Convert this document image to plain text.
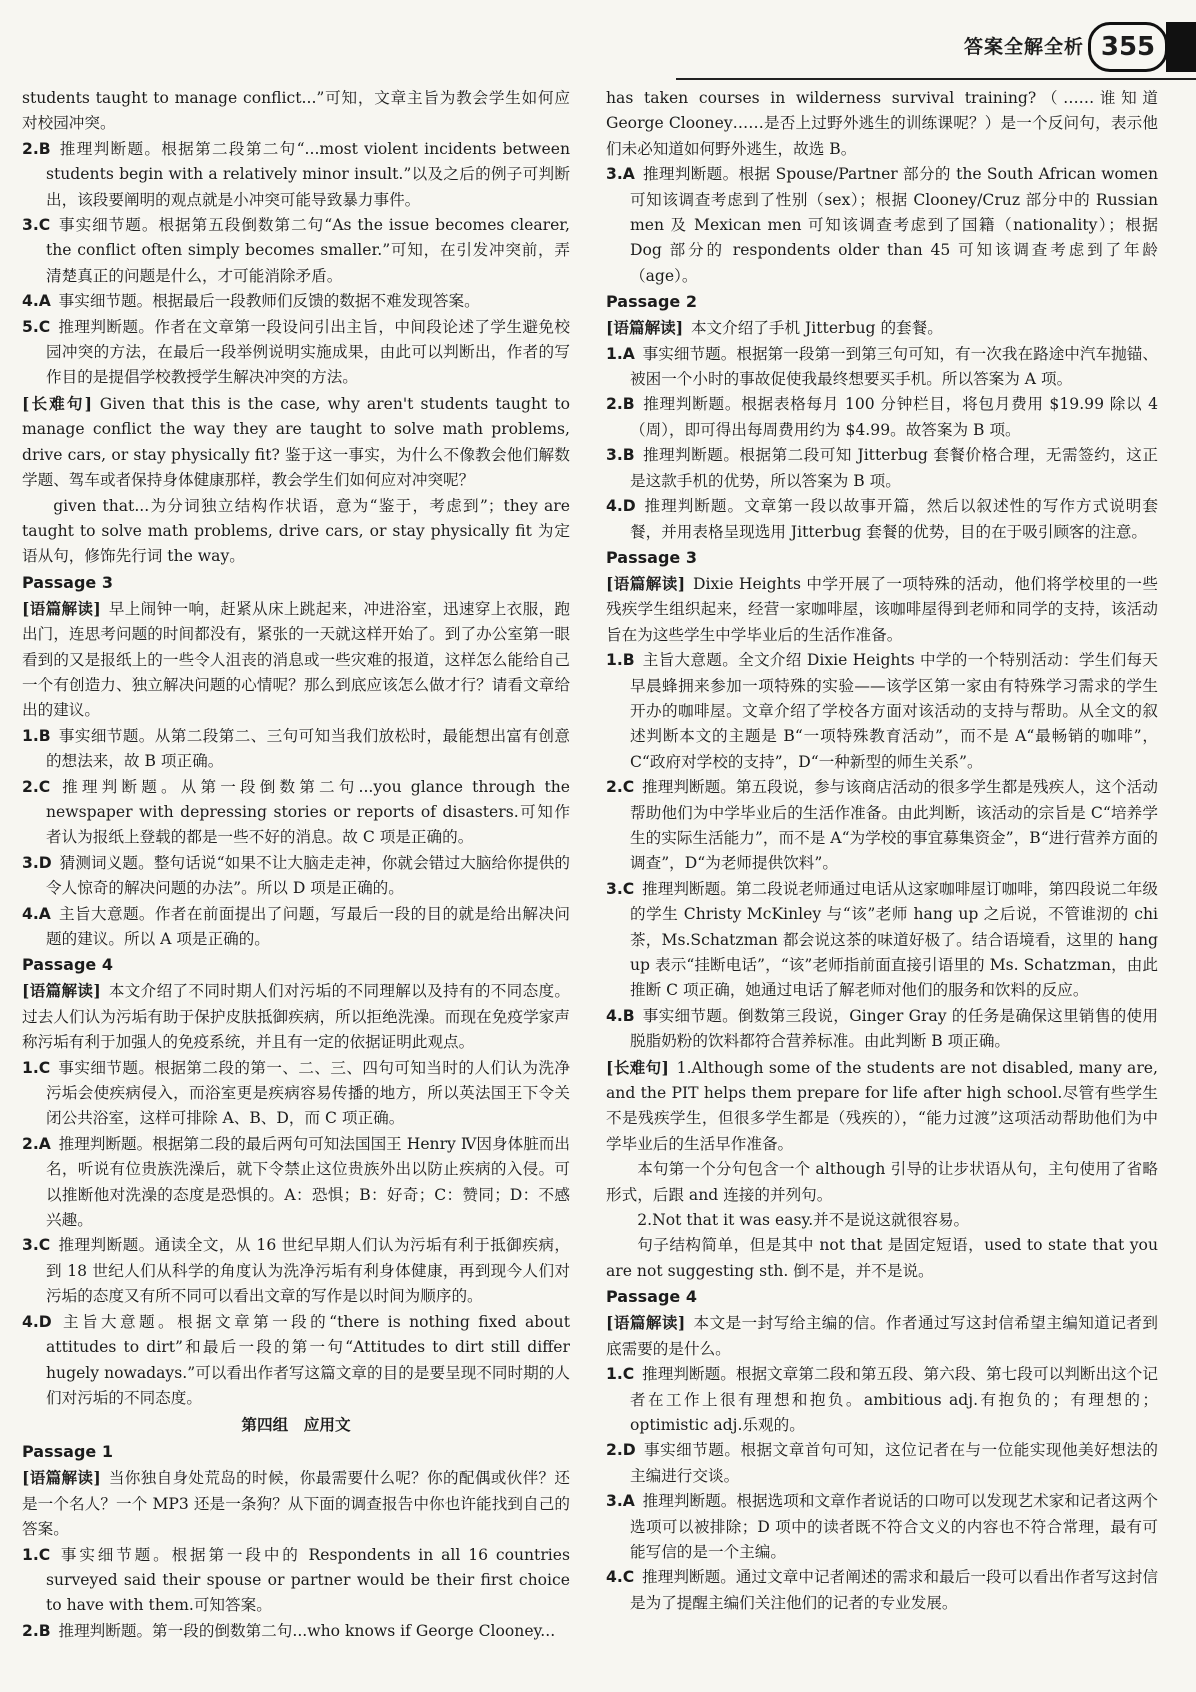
答案全解全析 355

students taught to manage conflict...”可知，文章主旨为教会学生如何应对校园冲突。

2.B  推理判断题。根据第二段第二句“...most violent incidents between students begin with a relatively minor insult.”以及之后的例子可判断出，该段要阐明的观点就是小冲突可能导致暴力事件。

3.C  事实细节题。根据第五段倒数第二句“As the issue becomes clearer, the conflict often simply becomes smaller.”可知，在引发冲突前，弄清楚真正的问题是什么，才可能消除矛盾。

4.A  事实细节题。根据最后一段教师们反馈的数据不难发现答案。

5.C  推理判断题。作者在文章第一段设问引出主旨，中间段论述了学生避免校园冲突的方法，在最后一段举例说明实施成果，由此可以判断出，作者的写作目的是提倡学校教授学生解决冲突的方法。

[长难句]  Given that this is the case, why aren't students taught to manage conflict the way they are taught to solve math problems, drive cars, or stay physically fit? 鉴于这一事实，为什么不像教会他们解数学题、驾车或者保持身体健康那样，教会学生们如何应对冲突呢？

given that...为分词独立结构作状语，意为“鉴于，考虑到”；they are taught to solve math problems, drive cars, or stay physically fit 为定语从句，修饰先行词 the way。

Passage 3

[语篇解读]  早上闹钟一响，赶紧从床上跳起来，冲进浴室，迅速穿上衣服，跑出门，连思考问题的时间都没有，紧张的一天就这样开始了。到了办公室第一眼看到的又是报纸上的一些令人沮丧的消息或一些灾难的报道，这样怎么能给自己一个有创造力、独立解决问题的心情呢？那么到底应该怎么做才行？请看文章给出的建议。

1.B  事实细节题。从第二段第二、三句可知当我们放松时，最能想出富有创意的想法来，故 B 项正确。

2.C  推理判断题。从第一段倒数第二句...you glance through the newspaper with depressing stories or reports of disasters.可知作者认为报纸上登载的都是一些不好的消息。故 C 项是正确的。

3.D  猜测词义题。整句话说“如果不让大脑走走神，你就会错过大脑给你提供的令人惊奇的解决问题的办法”。所以 D 项是正确的。

4.A  主旨大意题。作者在前面提出了问题，写最后一段的目的就是给出解决问题的建议。所以 A 项是正确的。

Passage 4

[语篇解读]  本文介绍了不同时期人们对污垢的不同理解以及持有的不同态度。过去人们认为污垢有助于保护皮肤抵御疾病，所以拒绝洗澡。而现在免疫学家声称污垢有利于加强人的免疫系统，并且有一定的依据证明此观点。

1.C  事实细节题。根据第二段的第一、二、三、四句可知当时的人们认为洗净污垢会使疾病侵入，而浴室更是疾病容易传播的地方，所以英法国王下令关闭公共浴室，这样可排除 A、B、D，而 C 项正确。

2.A  推理判断题。根据第二段的最后两句可知法国国王 Henry Ⅳ因身体脏而出名，听说有位贵族洗澡后，就下令禁止这位贵族外出以防止疾病的入侵。可以推断他对洗澡的态度是恐惧的。A：恐惧；B：好奇；C：赞同；D：不感兴趣。

3.C  推理判断题。通读全文，从 16 世纪早期人们认为污垢有利于抵御疾病，到 18 世纪人们从科学的角度认为洗净污垢有利身体健康，再到现今人们对污垢的态度又有所不同可以看出文章的写作是以时间为顺序的。

4.D  主旨大意题。根据文章第一段的“there is nothing fixed about attitudes to dirt”和最后一段的第一句“Attitudes to dirt still differ hugely nowadays.”可以看出作者写这篇文章的目的是要呈现不同时期的人们对污垢的不同态度。

第四组　应用文
Passage 1

[语篇解读]  当你独自身处荒岛的时候，你最需要什么呢？你的配偶或伙伴？还是一个名人？一个 MP3 还是一条狗？从下面的调查报告中你也许能找到自己的答案。

1.C  事实细节题。根据第一段中的 Respondents in all 16 countries surveyed said their spouse or partner would be their first choice to have with them.可知答案。

2.B  推理判断题。第一段的倒数第二句...who knows if George Clooney...

has taken courses in wilderness survival training?（……谁知道 George Clooney……是否上过野外逃生的训练课呢？）是一个反问句，表示他们未必知道如何野外逃生，故选 B。

3.A  推理判断题。根据 Spouse/Partner 部分的 the South African women 可知该调查考虑到了性别（sex）；根据 Clooney/Cruz 部分中的 Russian men 及 Mexican men 可知该调查考虑到了国籍（nationality）；根据 Dog 部分的 respondents older than 45 可知该调查考虑到了年龄（age）。

Passage 2

[语篇解读]  本文介绍了手机 Jitterbug 的套餐。

1.A  事实细节题。根据第一段第一到第三句可知，有一次我在路途中汽车抛锚、被困一个小时的事故促使我最终想要买手机。所以答案为 A 项。

2.B  推理判断题。根据表格每月 100 分钟栏目，将包月费用 $19.99 除以 4（周），即可得出每周费用约为 $4.99。故答案为 B 项。

3.B  推理判断题。根据第二段可知 Jitterbug 套餐价格合理，无需签约，这正是这款手机的优势，所以答案为 B 项。

4.D  推理判断题。文章第一段以故事开篇，然后以叙述性的写作方式说明套餐，并用表格呈现选用 Jitterbug 套餐的优势，目的在于吸引顾客的注意。

Passage 3

[语篇解读]  Dixie Heights 中学开展了一项特殊的活动，他们将学校里的一些残疾学生组织起来，经营一家咖啡屋，该咖啡屋得到老师和同学的支持，该活动旨在为这些学生中学毕业后的生活作准备。

1.B  主旨大意题。全文介绍 Dixie Heights 中学的一个特别活动：学生们每天早晨蜂拥来参加一项特殊的实验——该学区第一家由有特殊学习需求的学生开办的咖啡屋。文章介绍了学校各方面对该活动的支持与帮助。从全文的叙述判断本文的主题是 B“一项特殊教育活动”，而不是 A“最畅销的咖啡”，C“政府对学校的支持”，D“一种新型的师生关系”。

2.C  推理判断题。第五段说，参与该商店活动的很多学生都是残疾人，这个活动帮助他们为中学毕业后的生活作准备。由此判断，该活动的宗旨是 C“培养学生的实际生活能力”，而不是 A“为学校的事宜募集资金”，B“进行营养方面的调查”，D“为老师提供饮料”。

3.C  推理判断题。第二段说老师通过电话从这家咖啡屋订咖啡，第四段说二年级的学生 Christy McKinley 与“该”老师 hang up 之后说，不管谁沏的 chi 茶，Ms.Schatzman 都会说这茶的味道好极了。结合语境看，这里的 hang up 表示“挂断电话”，“该”老师指前面直接引语里的 Ms. Schatzman，由此推断 C 项正确，她通过电话了解老师对他们的服务和饮料的反应。

4.B  事实细节题。倒数第三段说，Ginger Gray 的任务是确保这里销售的使用脱脂奶粉的饮料都符合营养标准。由此判断 B 项正确。

[长难句]  1.Although some of the students are not disabled, many are, and the PIT helps them prepare for life after high school.尽管有些学生不是残疾学生，但很多学生都是（残疾的），“能力过渡”这项活动帮助他们为中学毕业后的生活早作准备。

本句第一个分句包含一个 although 引导的让步状语从句，主句使用了省略形式，后跟 and 连接的并列句。

2.Not that it was easy.并不是说这就很容易。

句子结构简单，但是其中 not that 是固定短语，used to state that you are not suggesting sth. 倒不是，并不是说。

Passage 4

[语篇解读]  本文是一封写给主编的信。作者通过写这封信希望主编知道记者到底需要的是什么。

1.C  推理判断题。根据文章第二段和第五段、第六段、第七段可以判断出这个记者在工作上很有理想和抱负。ambitious adj.有抱负的；有理想的；optimistic adj.乐观的。

2.D  事实细节题。根据文章首句可知，这位记者在与一位能实现他美好想法的主编进行交谈。

3.A  推理判断题。根据选项和文章作者说话的口吻可以发现艺术家和记者这两个选项可以被排除；D 项中的读者既不符合文义的内容也不符合常理，最有可能写信的是一个主编。

4.C  推理判断题。通过文章中记者阐述的需求和最后一段可以看出作者写这封信是为了提醒主编们关注他们的记者的专业发展。
